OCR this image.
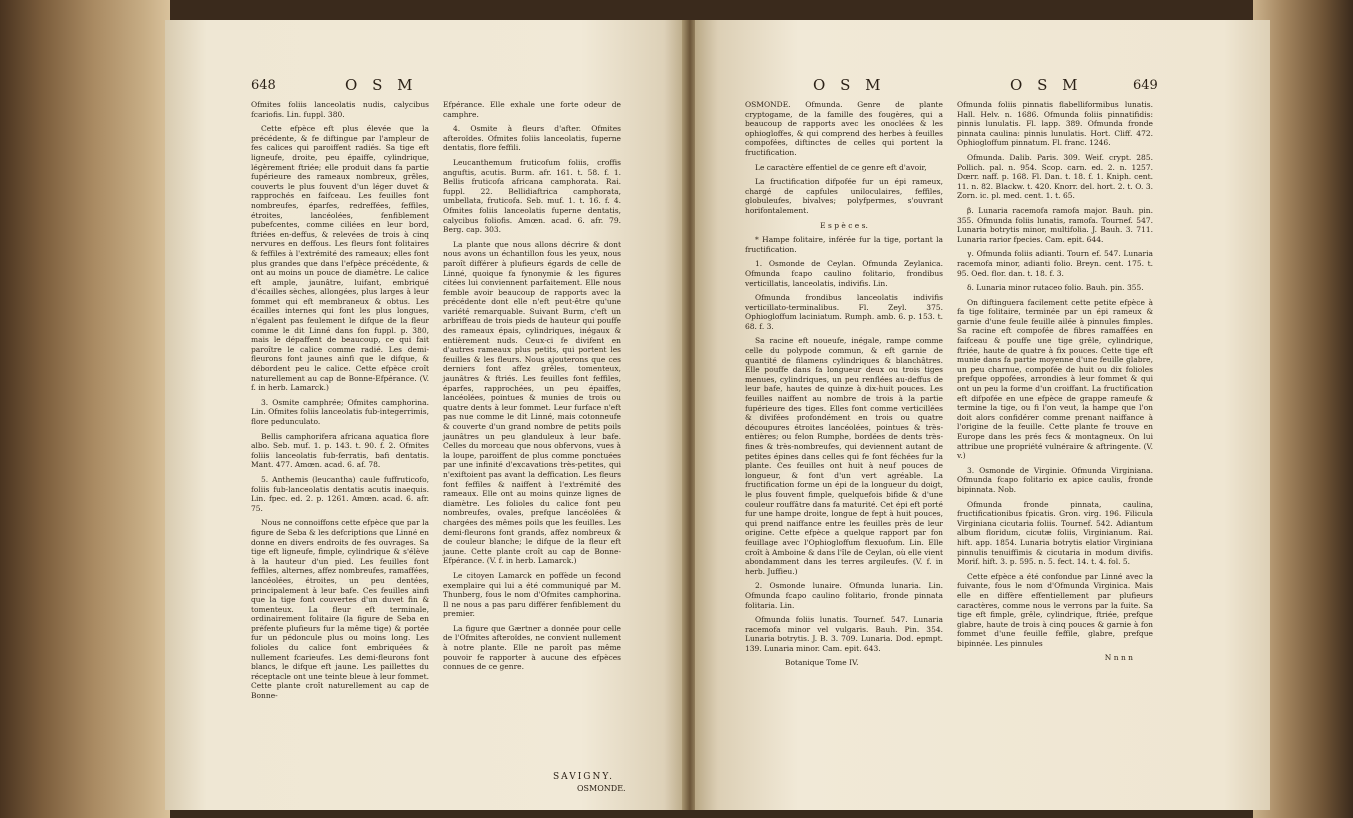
648	O S M

Ofmites foliis lanceolatis nudis, calycibus fcariofis. Lin. fuppl. 380.

Cette efpèce eft plus élevée que la précédente, & fe diftingue par l'ampleur de fes calices qui paroiffent radiés. Sa tige eft ligneufe, droite, peu épaiffe, cylindrique, légèrement ftriée; elle produit dans fa partie fupérieure des rameaux nombreux, grêles, couverts le plus fouvent d'un léger duvet & rapprochés en faifceau. Les feuilles font nombreufes, éparfes, redreffées, feffiles, étroites, lancéolées, fenfiblement pubefcentes, comme ciliées en leur bord, ftriées en-deffus, & relevées de trois à cinq nervures en deffous. Les fleurs font folitaires & feffiles à l'extrémité des rameaux; elles font plus grandes que dans l'efpèce précédente, & ont au moins un pouce de diamètre. Le calice eft ample, jaunâtre, luifant, embriqué d'écailles sèches, allongées, plus larges à leur fommet qui eft membraneux & obtus. Les écailles internes qui font les plus longues, n'égalent pas feulement le difque de la fleur comme le dit Linné dans fon fuppl. p. 380, mais le dépaffent de beaucoup, ce qui fait paroître le calice comme radié. Les demi-fleurons font jaunes ainfi que le difque, & débordent peu le calice. Cette efpèce croît naturellement au cap de Bonne-Efpérance. (V. f. in herb. Lamarck.)

3. Osmite camphrée; Ofmites camphorina. Lin. Ofmites foliis lanceolatis fub-integerrimis, flore pedunculato.

Bellis camphorifera africana aquatica flore albo. Seb. muf. 1. p. 143. t. 90. f. 2. Ofmites foliis lanceolatis fub-ferratis, bafi dentatis. Mant. 477. Amœn. acad. 6. af. 78.

5. Anthemis (leucantha) caule fuffruticofo, foliis fub-lanceolatis dentatis acutis inaequis. Lin. fpec. ed. 2. p. 1261. Amœn. acad. 6. afr. 75.

Nous ne connoiffons cette efpèce que par la figure de Seba & les defcriptions que Linné en donne en divers endroits de fes ouvrages. Sa tige eft ligneufe, fimple, cylindrique & s'élève à la hauteur d'un pied. Les feuilles font feffiles, alternes, affez nombreufes, ramaffées, lancéolées, étroites, un peu dentées, principalement à leur bafe. Ces feuilles ainfi que la tige font couvertes d'un duvet fin & tomenteux. La fleur eft terminale, ordinairement folitaire (la figure de Seba en préfente plufieurs fur la même tige) & portée fur un pédoncule plus ou moins long. Les folioles du calice font embriquées & nullement fcarieufes. Les demi-fleurons font blancs, le difque eft jaune. Les paillettes du réceptacle ont une teinte bleue à leur fommet. Cette plante croît naturellement au cap de Bonne-

Efpérance. Elle exhale une forte odeur de camphre.

4. Osmite à fleurs d'after. Ofmites afteroïdes. Ofmites foliis lanceolatis, fuperne dentatis, flore feffili.

Leucanthemum fruticofum foliis, croffis anguftis, acutis. Burm. afr. 161. t. 58. f. 1. Bellis fruticofa africana camphorata. Rai. fuppl. 22. Bellidiaftrica camphorata, umbellata, fruticofa. Seb. muf. 1. t. 16. f. 4. Ofmites foliis lanceolatis fuperne dentatis, calycibus foliofis. Amœn. acad. 6. afr. 79. Berg. cap. 303.

La plante que nous allons décrire & dont nous avons un échantillon fous les yeux, nous paroît différer à plufieurs égards de celle de Linné, quoique fa fynonymie & les figures citées lui conviennent parfaitement. Elle nous femble avoir beaucoup de rapports avec la précédente dont elle n'eft peut-être qu'une variété remarquable. Suivant Burm, c'eft un arbriffeau de trois pieds de hauteur qui pouffe des rameaux épais, cylindriques, inégaux & entièrement nuds. Ceux-ci fe divifent en d'autres rameaux plus petits, qui portent les feuilles & les fleurs. Nous ajouterons que ces derniers font affez grêles, tomenteux, jaunâtres & ftriés. Les feuilles font feffiles, éparfes, rapprochées, un peu épaiffes, lancéolées, pointues & munies de trois ou quatre dents à leur fommet. Leur furface n'eft pas nue comme le dit Linné, mais cotonneufe & couverte d'un grand nombre de petits poils jaunâtres un peu glanduleux à leur bafe. Celles du morceau que nous obfervons, vues à la loupe, paroiffent de plus comme ponctuées par une infinité d'excavations très-petites, qui n'exiftoient pas avant la deffication. Les fleurs font feffiles & naiffent à l'extrémité des rameaux. Elle ont au moins quinze lignes de diamètre. Les folioles du calice font peu nombreufes, ovales, prefque lancéolées & chargées des mêmes poils que les feuilles. Les demi-fleurons font grands, affez nombreux & de couleur blanche; le difque de la fleur eft jaune. Cette plante croît au cap de Bonne-Efpérance. (V. f. in herb. Lamarck.)

Le citoyen Lamarck en poffède un fecond exemplaire qui lui a été communiqué par M. Thunberg, fous le nom d'Ofmites camphorina. Il ne nous a pas paru différer fenfiblement du premier.

La figure que Gærtner a donnée pour celle de l'Ofmites afteroïdes, ne convient nullement à notre plante. Elle ne paroît pas même pouvoir fe rapporter à aucune des efpèces connues de ce genre.

SAVIGNY.
OSMONDE.
O S M	O S M	649

OSMONDE. Ofmunda. Genre de plante cryptogame, de la famille des fougères, qui a beaucoup de rapports avec les onoclées & les ophiogloffes, & qui comprend des herbes à feuilles compofées, diftinctes de celles qui portent la fructification.

Le caractère effentiel de ce genre eft d'avoir,

La fructification difpofée fur un épi rameux, chargé de capfules uniloculaires, feffiles, globuleufes, bivalves; polyfpermes, s'ouvrant horifontalement.

E s p è c e s.

* Hampe folitaire, inférée fur la tige, portant la fructification.

1. Osmonde de Ceylan. Ofmunda Zeylanica. Ofmunda fcapo caulino folitario, frondibus verticillatis, lanceolatis, indivifis. Lin.

Ofmunda frondibus lanceolatis indivifis verticillato-terminalibus. Fl. Zeyl. 375. Ophiogloffum laciniatum. Rumph. amb. 6. p. 153. t. 68. f. 3.

Sa racine eft noueufe, inégale, rampe comme celle du polypode commun, & eft garnie de quantité de filamens cylindriques & blanchâtres. Elle pouffe dans fa longueur deux ou trois tiges menues, cylindriques, un peu renflées au-deffus de leur bafe, hautes de quinze à dix-huit pouces. Les feuilles naiffent au nombre de trois à la partie fupérieure des tiges. Elles font comme verticillées & divifées profondément en trois ou quatre découpures étroites lancéolées, pointues & très-entières; ou felon Rumphe, bordées de dents très-fines & très-nombreufes, qui deviennent autant de petites épines dans celles qui fe font féchées fur la plante. Ces feuilles ont huit à neuf pouces de longueur, & font d'un vert agréable. La fructification forme un épi de la longueur du doigt, le plus fouvent fimple, quelquefois bifide & d'une couleur rouffâtre dans fa maturité. Cet épi eft porté fur une hampe droite, longue de fept à huit pouces, qui prend naiffance entre les feuilles près de leur origine. Cette efpèce a quelque rapport par fon feuillage avec l'Ophiogloffum flexuofum. Lin. Elle croît à Amboine & dans l'île de Ceylan, où elle vient abondamment dans les terres argileufes. (V. f. in herb. Juffieu.)

2. Osmonde lunaire. Ofmunda lunaria. Lin. Ofmunda fcapo caulino folitario, fronde pinnata folitaria. Lin.

Ofmunda foliis lunatis. Tournef. 547. Lunaria racemofa minor vel vulgaris. Bauh. Pin. 354. Lunaria botrytis. J. B. 3. 709. Lunaria. Dod. epmpt. 139. Lunaria minor. Cam. epit. 643.

Botanique Tome IV.

Ofmunda foliis pinnatis flabelliformibus lunatis. Hall. Helv. n. 1686. Ofmunda foliis pinnatifidis: pinnis lunulatis. Fl. lapp. 389. Ofmunda fronde pinnata caulina: pinnis lunulatis. Hort. Cliff. 472. Ophiogloffum pinnatum. Fl. franc. 1246.

Ofmunda. Dalib. Paris. 309. Weif. crypt. 285. Pollich. pal. n. 954. Scop. carn. ed. 2. n. 1257. Dœrr. naff. p. 168. Fl. Dan. t. 18. f. 1. Kniph. cent. 11. n. 82. Blackw. t. 420. Knorr. del. hort. 2. t. O. 3. Zorn. ic. pl. med. cent. 1. t. 65.

β. Lunaria racemofa ramofa major. Bauh. pin. 355. Ofmunda foliis lunatis, ramofa. Tournef. 547. Lunaria botrytis minor, multifolia. J. Bauh. 3. 711. Lunaria rarior fpecies. Cam. epit. 644.

γ. Ofmunda foliis adianti. Tourn ef. 547. Lunaria racemofa minor, adianti folio. Breyn. cent. 175. t. 95. Oed. flor. dan. t. 18. f. 3.

δ. Lunaria minor rutaceo folio. Bauh. pin. 355.

On diftinguera facilement cette petite efpèce à fa tige folitaire, terminée par un épi rameux & garnie d'une feule feuille ailée à pinnules fimples. Sa racine eft compofée de fibres ramaffées en faifceau & pouffe une tige grêle, cylindrique, ftriée, haute de quatre à fix pouces. Cette tige eft munie dans fa partie moyenne d'une feuille glabre, un peu charnue, compofée de huit ou dix folioles prefque oppofées, arrondies à leur fommet & qui ont un peu la forme d'un croiffant. La fructification eft difpofée en une efpèce de grappe rameufe & termine la tige, ou fi l'on veut, la hampe que l'on doit alors confidérer comme prenant naiffance à l'origine de la feuille. Cette plante fe trouve en Europe dans les prés fecs & montagneux. On lui attribue une propriété vulnéraire & aftringente. (V. v.)

3. Osmonde de Virginie. Ofmunda Virginiana. Ofmunda fcapo folitario ex apice caulis, fronde bipinnata. Nob.

Ofmunda fronde pinnata, caulina, fructificationibus fpicatis. Gron. virg. 196. Filicula Virginiana cicutaria foliis. Tournef. 542. Adiantum album floridum, cicutæ foliis, Virginianum. Rai. hift. app. 1854. Lunaria botrytis elatior Virginiana pinnulis tenuiffimis & cicutaria in modum divifis. Morif. hift. 3. p. 595. n. 5. fect. 14. t. 4. fol. 5.

Cette efpèce a été confondue par Linné avec la fuivante, fous le nom d'Ofmunda Virginica. Mais elle en diffère effentiellement par plufieurs caractères, comme nous le verrons par la fuite. Sa tige eft fimple, grêle, cylindrique, ftriée, prefque glabre, haute de trois à cinq pouces & garnie à fon fommet d'une feuille feffile, glabre, prefque bipinnée. Les pinnules

N n n n
